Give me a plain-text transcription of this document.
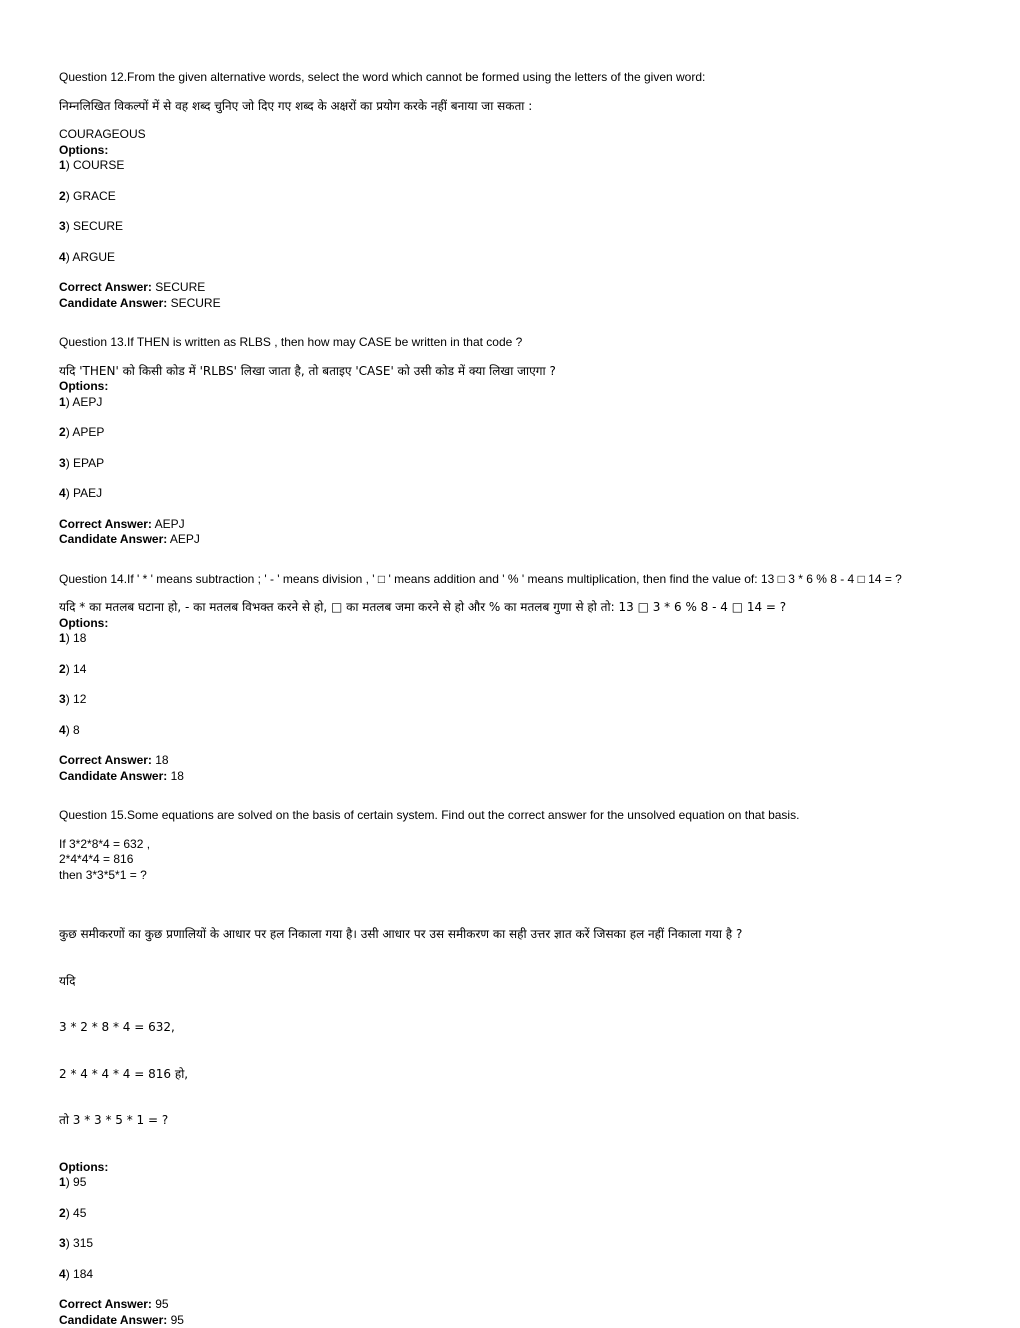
Question 12.From the given alternative words, select the word which cannot be formed using the letters of the given word:
निम्नलिखित विकल्पों में से वह शब्द चुनिए जो दिए गए शब्द के अक्षरों का प्रयोग करके नहीं बनाया जा सकता :
COURAGEOUS
Options:
1) COURSE
2) GRACE
3) SECURE
4) ARGUE
Correct Answer: SECURE
Candidate Answer: SECURE
Question 13.If THEN is written as RLBS , then how may CASE be written in that code ?
यदि 'THEN' को किसी कोड में 'RLBS' लिखा जाता है, तो बताइए 'CASE' को उसी कोड में क्या लिखा जाएगा ?
Options:
1) AEPJ
2) APEP
3) EPAP
4) PAEJ
Correct Answer: AEPJ
Candidate Answer: AEPJ
Question 14.If ' * ' means subtraction ; ' - ' means division , ' □ ' means addition and ' % ' means multiplication, then find the value of: 13 □ 3 * 6 % 8 - 4 □ 14 = ?
यदि * का मतलब घटाना हो, - का मतलब विभक्त करने से हो, □ का मतलब जमा करने से हो और % का मतलब गुणा से हो तो: 13 □ 3 * 6 % 8 - 4 □ 14 = ?
Options:
1) 18
2) 14
3) 12
4) 8
Correct Answer: 18
Candidate Answer: 18
Question 15.Some equations are solved on the basis of certain system. Find out the correct answer for the unsolved equation on that basis.
If 3*2*8*4 = 632 ,
2*4*4*4 = 816
then 3*3*5*1 = ?

कुछ समीकरणों का कुछ प्रणालियों के आधार पर हल निकाला गया है। उसी आधार पर उस समीकरण का सही उत्तर ज्ञात करें जिसका हल नहीं निकाला गया है ?

यदि

3 * 2 * 8 * 4 = 632,

2 * 4 * 4 * 4 = 816 हो,

तो 3 * 3 * 5 * 1 = ?

Options:
1) 95
2) 45
3) 315
4) 184
Correct Answer: 95
Candidate Answer: 95
